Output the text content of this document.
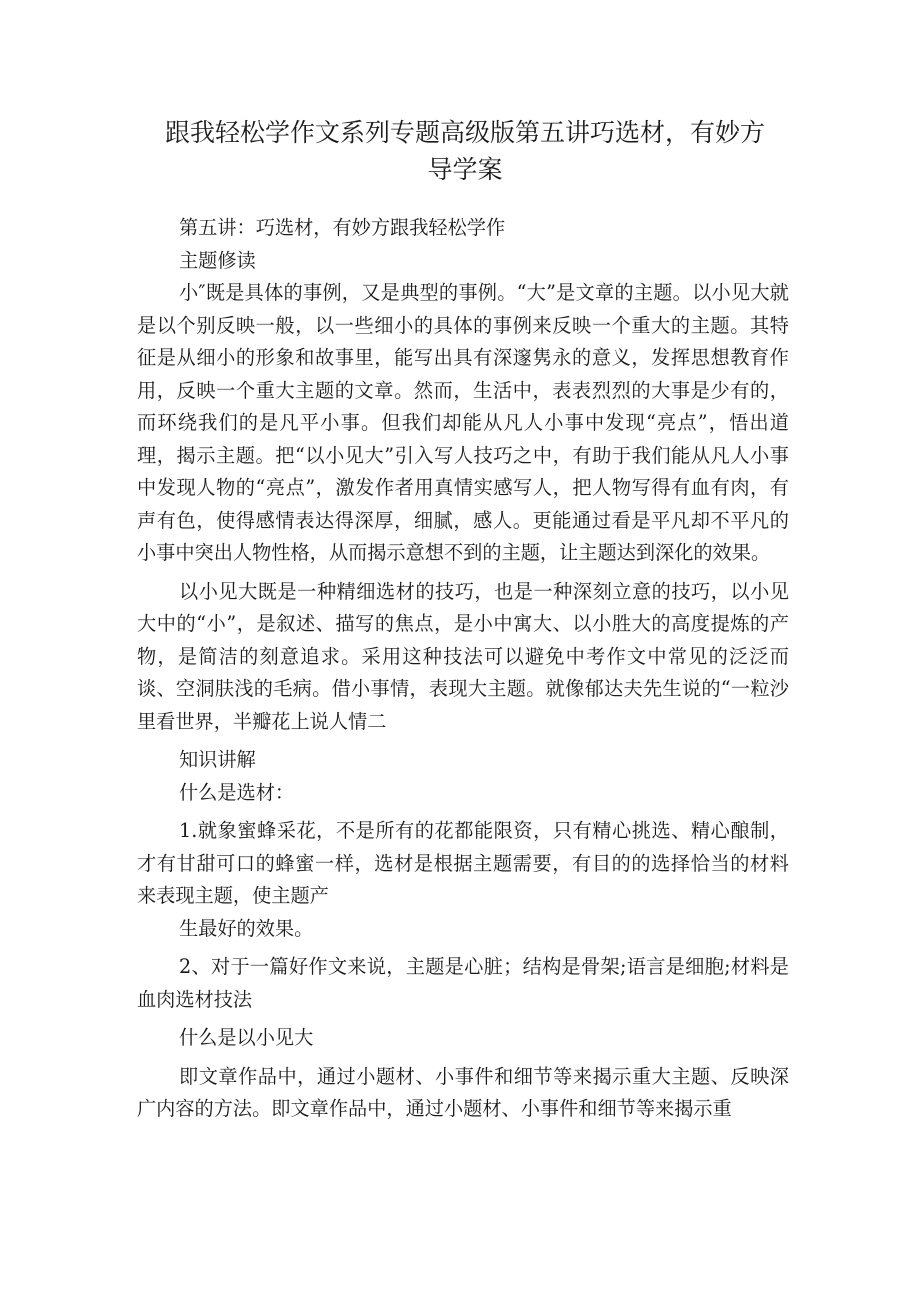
跟我轻松学作文系列专题高级版第五讲巧选材，有妙方
导学案

第五讲：巧选材，有妙方跟我轻松学作

主题修读

小″既是具体的事例，又是典型的事例。“大”是文章的主题。以小见大就是以个别反映一般，以一些细小的具体的事例来反映一个重大的主题。其特征是从细小的形象和故事里，能写出具有深邃隽永的意义，发挥思想教育作用，反映一个重大主题的文章。然而，生活中，表表烈烈的大事是少有的，而环绕我们的是凡平小事。但我们却能从凡人小事中发现“亮点”，悟出道理，揭示主题。把“以小见大”引入写人技巧之中，有助于我们能从凡人小事中发现人物的“亮点”，激发作者用真情实感写人，把人物写得有血有肉，有声有色，使得感情表达得深厚，细腻，感人。更能通过看是平凡却不平凡的小事中突出人物性格，从而揭示意想不到的主题，让主题达到深化的效果。

以小见大既是一种精细选材的技巧，也是一种深刻立意的技巧，以小见大中的“小”，是叙述、描写的焦点，是小中寓大、以小胜大的高度提炼的产物，是简洁的刻意追求。采用这种技法可以避免中考作文中常见的泛泛而谈、空洞肤浅的毛病。借小事情，表现大主题。就像郁达夫先生说的“一粒沙里看世界，半瓣花上说人情二

知识讲解

什么是选材：

1.就象蜜蜂采花，不是所有的花都能限资，只有精心挑选、精心酿制，才有甘甜可口的蜂蜜一样，选材是根据主题需要，有目的的选择恰当的材料来表现主题，使主题产

生最好的效果。

2、对于一篇好作文来说，主题是心脏；结构是骨架;语言是细胞;材料是血肉选材技法

什么是以小见大

即文章作品中，通过小题材、小事件和细节等来揭示重大主题、反映深广内容的方法。即文章作品中，通过小题材、小事件和细节等来揭示重
